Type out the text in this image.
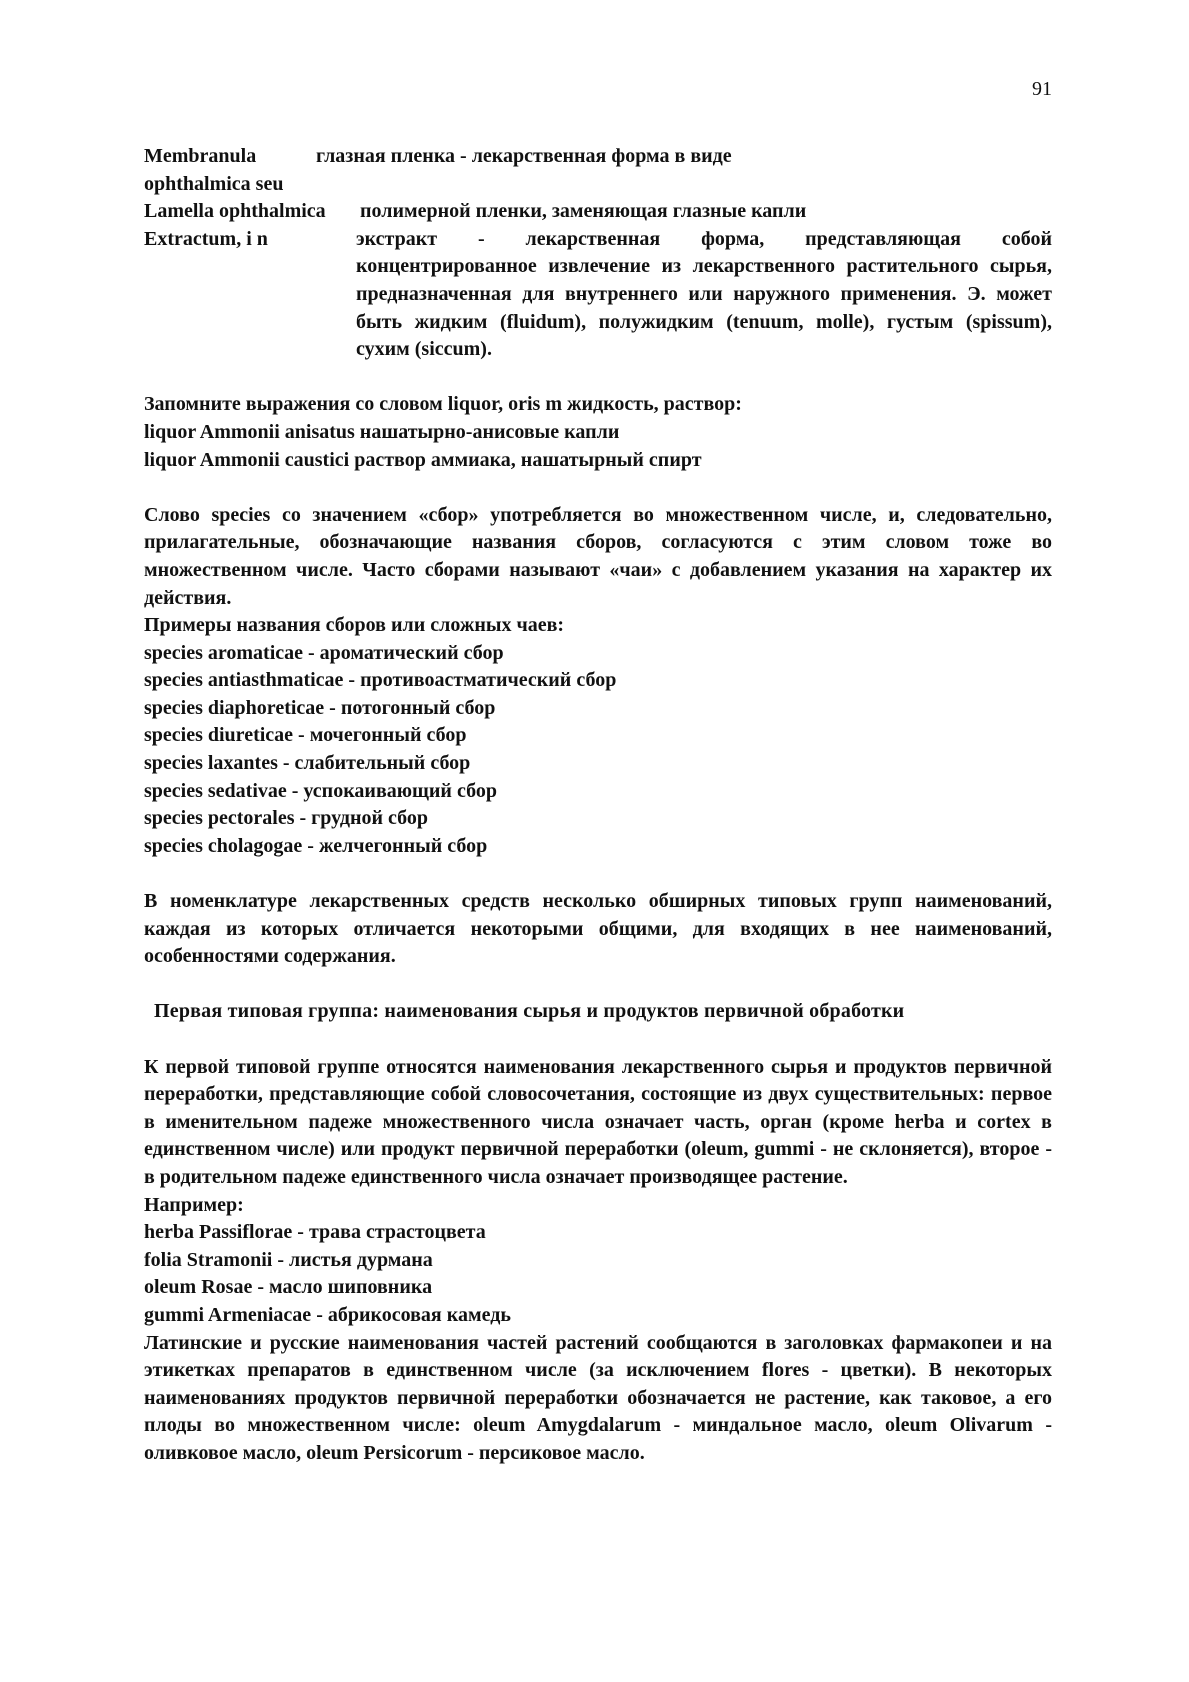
91
Membranula ophthalmica seu
глазная пленка - лекарственная форма в виде
Lamella ophthalmica	полимерной пленки, заменяющая глазные капли
Extractum, i n	экстракт - лекарственная форма, представляющая собой концентрированное извлечение из лекарственного растительного сырья, предназначенная для внутреннего или наружного применения. Э. может быть жидким (fluidum), полужидким (tenuum, molle), густым (spissum), сухим (siccum).
Запомните выражения со словом liquor, oris m жидкость, раствор:
liquor Ammonii anisatus нашатырно-анисовые капли
liquor Ammonii caustici раствор аммиака, нашатырный спирт
Слово species со значением «сбор» употребляется во множественном числе, и, следовательно, прилагательные, обозначающие названия сборов, согласуются с этим словом тоже во множественном числе. Часто сборами называют «чаи» с добавлением указания на характер их действия.
Примеры названия сборов или сложных чаев:
species aromaticae - ароматический сбор
species antiasthmaticae - противоастматический сбор
species diaphoreticae - потогонный сбор
species diureticae - мочегонный сбор
species laxantes - слабительный сбор
species sedativae - успокаивающий сбор
species pectorales - грудной сбор
species cholagogae - желчегонный сбор
В номенклатуре лекарственных средств несколько обширных типовых групп наименований, каждая из которых отличается некоторыми общими, для входящих в нее наименований, особенностями содержания.
Первая типовая группа: наименования сырья и продуктов первичной обработки
К первой типовой группе относятся наименования лекарственного сырья и продуктов первичной переработки, представляющие собой словосочетания, состоящие из двух существительных: первое в именительном падеже множественного числа означает часть, орган (кроме herba и cortex в единственном числе) или продукт первичной переработки (oleum, gummi - не склоняется), второе - в родительном падеже единственного числа означает производящее растение.
Например:
herba Passiflorae - трава страстоцвета
folia Stramonii - листья дурмана
oleum Rosae - масло шиповника
gummi Armeniacae - абрикосовая камедь
Латинские и русские наименования частей растений сообщаются в заголовках фармакопеи и на этикетках препаратов в единственном числе (за исключением flores - цветки). В некоторых наименованиях продуктов первичной переработки обозначается не растение, как таковое, а его плоды во множественном числе: oleum Amygdalarum - миндальное масло, oleum Olivarum - оливковое масло, oleum Persicorum - персиковое масло.
